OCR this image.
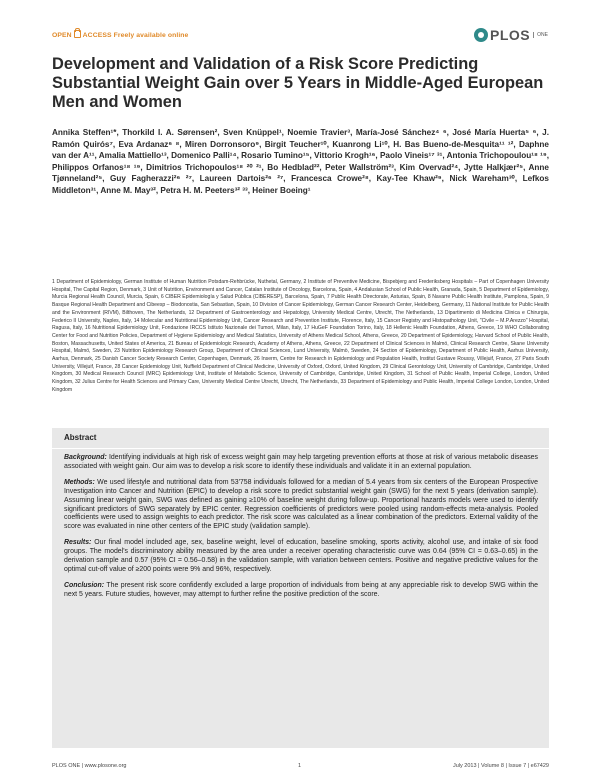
OPEN ACCESS Freely available online	PLOS	ONE
Development and Validation of a Risk Score Predicting Substantial Weight Gain over 5 Years in Middle-Aged European Men and Women
Annika Steffen¹*, Thorkild I. A. Sørensen², Sven Knüppel¹, Noemie Travier³, María-José Sánchez⁴ ⁶, José María Huerta⁵ ⁶, J. Ramón Quirós⁷, Eva Ardanaz⁶ ⁸, Miren Dorronsoro⁹, Birgit Teucher¹⁰, Kuanrong Li¹⁰, H. Bas Bueno-de-Mesquita¹¹ ¹², Daphne van der A¹¹, Amalia Mattiello¹³, Domenico Palli¹⁴, Rosario Tumino¹⁵, Vittorio Krogh¹⁶, Paolo Vineis¹⁷ ³¹, Antonia Trichopoulou¹⁸ ¹⁹, Philippos Orfanos¹⁸ ¹⁹, Dimitrios Trichopoulos¹⁸ ²⁰ ²¹, Bo Hedblad²², Peter Wallström²³, Kim Overvad²⁴, Jytte Halkjær²⁵, Anne Tjønneland²⁵, Guy Fagherazzi²⁶ ²⁷, Laureen Dartois²⁶ ²⁷, Francesca Crowe²⁸, Kay-Tee Khaw²⁹, Nick Wareham³⁰, Lefkos Middleton³¹, Anne M. May³², Petra H. M. Peeters³² ³³, Heiner Boeing¹
1 Department of Epidemiology, German Institute of Human Nutrition Potsdam-Rehbrücke, Nuthetal, Germany, 2 Institute of Preventive Medicine, Bispebjerg and Frederiksberg Hospitals – Part of Copenhagen University Hospital, The Capital Region, Denmark, 3 Unit of Nutrition, Environment and Cancer, Catalan Institute of Oncology, Barcelona, Spain, 4 Andalusian School of Public Health, Granada, Spain, 5 Department of Epidemiology, Murcia Regional Health Council, Murcia, Spain, 6 CIBER Epidemiología y Salud Pública (CIBERESP), Barcelona, Spain, 7 Public Health Directorate, Asturias, Spain, 8 Navarre Public Health Institute, Pamplona, Spain, 9 Basque Regional Health Department and Cibeesp – Biodonostia, San Sebastian, Spain, 10 Division of Cancer Epidemiology, German Cancer Research Center, Heidelberg, Germany, 11 National Institute for Public Health and the Environment (RIVM), Bilthoven, The Netherlands, 12 Department of Gastroenterology and Hepatology, University Medical Centre, Utrecht, The Netherlands, 13 Dipartimento di Medicina Clinica e Chirurgia, Federico II University, Naples, Italy, 14 Molecular and Nutritional Epidemiology Unit, Cancer Research and Prevention Institute, Florence, Italy, 15 Cancer Registry and Histopathology Unit, "Civile – M.P.Arezzo" Hospital, Ragusa, Italy, 16 Nutritional Epidemiology Unit, Fondazione IRCCS Istituto Nazionale dei Tumori, Milan, Italy, 17 HuGeF Foundation Torino, Italy, 18 Hellenic Health Foundation, Athens, Greece, 19 WHO Collaborating Center for Food and Nutrition Policies, Department of Hygiene Epidemiology and Medical Statistics, University of Athens Medical School, Athens, Greece, 20 Department of Epidemiology, Harvard School of Public Health, Boston, Massachusetts, United States of America, 21 Bureau of Epidemiologic Research, Academy of Athens, Athens, Greece, 22 Department of Clinical Sciences in Malmö, Clinical Research Centre, Skane University Hospital, Malmö, Sweden, 23 Nutrition Epidemiology Research Group, Department of Clinical Sciences, Lund University, Malmö, Sweden, 24 Section of Epidemiology, Department of Public Health, Aarhus University, Aarhus, Denmark, 25 Danish Cancer Society Research Center, Copenhagen, Denmark, 26 Inserm, Centre for Research in Epidemiology and Population Health, Institut Gustave Roussy, Villejuif, France, 27 Paris South University, Villejuif, France, 28 Cancer Epidemiology Unit, Nuffield Department of Clinical Medicine, University of Oxford, Oxford, United Kingdom, 29 Clinical Gerontology Unit, University of Cambridge, Cambridge, United Kingdom, 30 Medical Research Council (MRC) Epidemiology Unit, Institute of Metabolic Science, University of Cambridge, Cambridge, United Kingdom, 31 School of Public Health, Imperial College, London, United Kingdom, 32 Julius Centre for Health Sciences and Primary Care, University Medical Centre Utrecht, Utrecht, The Netherlands, 33 Department of Epidemiology and Public Health, Imperial College London, London, United Kingdom
Abstract

Background: Identifying individuals at high risk of excess weight gain may help targeting prevention efforts at those at risk of various metabolic diseases associated with weight gain. Our aim was to develop a risk score to identify these individuals and validate it in an external population.

Methods: We used lifestyle and nutritional data from 53′758 individuals followed for a median of 5.4 years from six centers of the European Prospective Investigation into Cancer and Nutrition (EPIC) to develop a risk score to predict substantial weight gain (SWG) for the next 5 years (derivation sample). Assuming linear weight gain, SWG was defined as gaining ≥10% of baseline weight during follow-up. Proportional hazards models were used to identify significant predictors of SWG separately by EPIC center. Regression coefficients of predictors were pooled using random-effects meta-analysis. Pooled coefficients were used to assign weights to each predictor. The risk score was calculated as a linear combination of the predictors. External validity of the score was evaluated in nine other centers of the EPIC study (validation sample).

Results: Our final model included age, sex, baseline weight, level of education, baseline smoking, sports activity, alcohol use, and intake of six food groups. The model's discriminatory ability measured by the area under a receiver operating characteristic curve was 0.64 (95% CI = 0.63–0.65) in the derivation sample and 0.57 (95% CI = 0.56–0.58) in the validation sample, with variation between centers. Positive and negative predictive values for the optimal cut-off value of ≥200 points were 9% and 96%, respectively.

Conclusion: The present risk score confidently excluded a large proportion of individuals from being at any appreciable risk to develop SWG within the next 5 years. Future studies, however, may attempt to further refine the positive prediction of the score.

PLOS ONE | www.plosone.org	1	July 2013 | Volume 8 | Issue 7 | e67429
